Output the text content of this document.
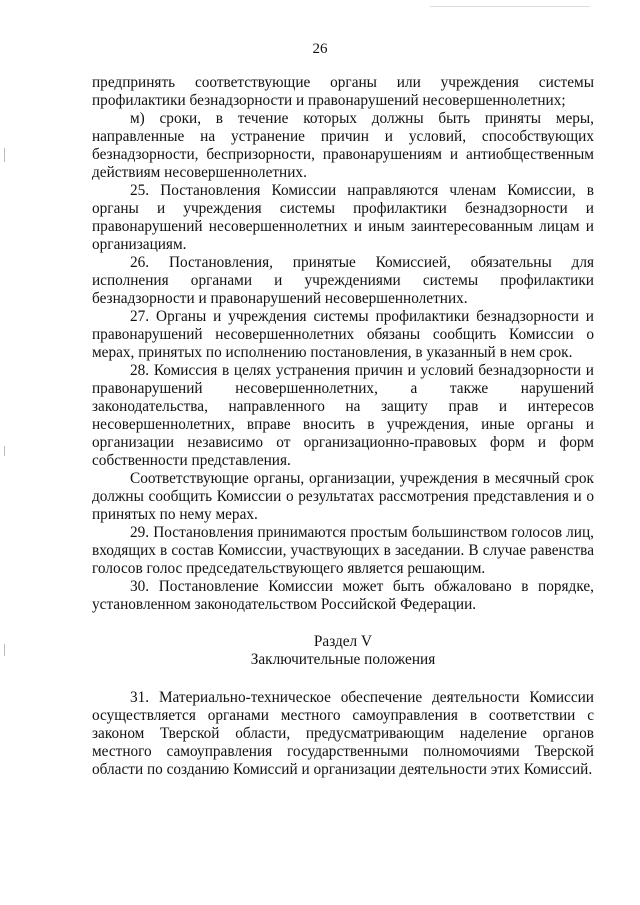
26

предпринять соответствующие органы или учреждения системы профилактики безнадзорности и правонарушений несовершеннолетних;

м) сроки, в течение которых должны быть приняты меры, направленные на устранение причин и условий, способствующих безнадзорности, беспризорности, правонарушениям и антиобщественным действиям несовершеннолетних.

25. Постановления Комиссии направляются членам Комиссии, в органы и учреждения системы профилактики безнадзорности и правонарушений несовершеннолетних и иным заинтересованным лицам и организациям.

26. Постановления, принятые Комиссией, обязательны для исполнения органами и учреждениями системы профилактики безнадзорности и правонарушений несовершеннолетних.

27. Органы и учреждения системы профилактики безнадзорности и правонарушений несовершеннолетних обязаны сообщить Комиссии о мерах, принятых по исполнению постановления, в указанный в нем срок.

28. Комиссия в целях устранения причин и условий безнадзорности и правонарушений несовершеннолетних, а также нарушений законодательства, направленного на защиту прав и интересов несовершеннолетних, вправе вносить в учреждения, иные органы и организации независимо от организационно-правовых форм и форм собственности представления.

Соответствующие органы, организации, учреждения в месячный срок должны сообщить Комиссии о результатах рассмотрения представления и о принятых по нему мерах.

29. Постановления принимаются простым большинством голосов лиц, входящих в состав Комиссии, участвующих в заседании. В случае равенства голосов голос председательствующего является решающим.

30. Постановление Комиссии может быть обжаловано в порядке, установленном законодательством Российской Федерации.

Раздел V

Заключительные положения

31. Материально-техническое обеспечение деятельности Комиссии осуществляется органами местного самоуправления в соответствии с законом Тверской области, предусматривающим наделение органов местного самоуправления государственными полномочиями Тверской области по созданию Комиссий и организации деятельности этих Комиссий.
